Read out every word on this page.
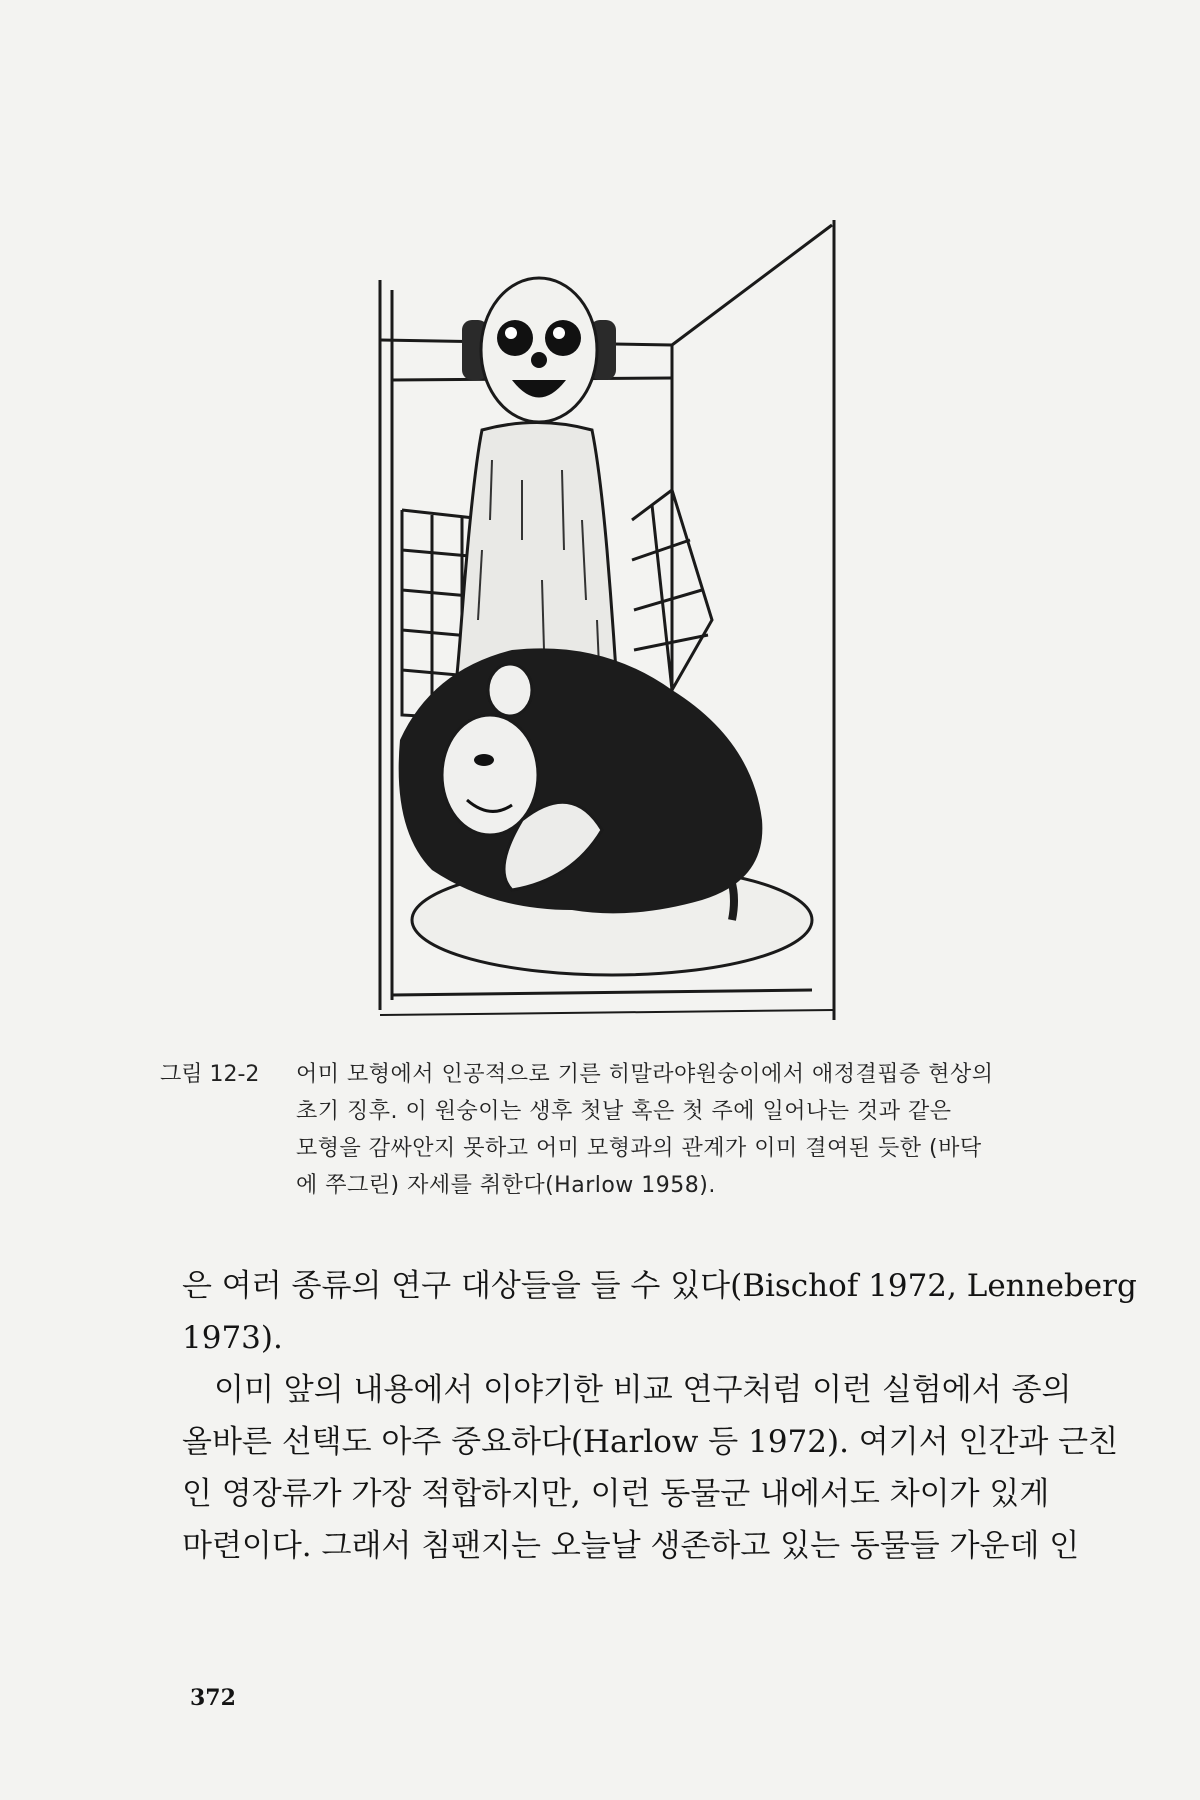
그림 12-2	어미 모형에서 인공적으로 기른 히말라야원숭이에서 애정결핍증 현상의
초기 징후. 이 원숭이는 생후 첫날 혹은 첫 주에 일어나는 것과 같은
모형을 감싸안지 못하고 어미 모형과의 관계가 이미 결여된 듯한 (바닥
에 쭈그린) 자세를 취한다(Harlow 1958).
은 여러 종류의 연구 대상들을 들 수 있다(Bischof 1972, Lenneberg
1973).
이미 앞의 내용에서 이야기한 비교 연구처럼 이런 실험에서 종의
올바른 선택도 아주 중요하다(Harlow 등 1972). 여기서 인간과 근친
인 영장류가 가장 적합하지만, 이런 동물군 내에서도 차이가 있게
마련이다. 그래서 침팬지는 오늘날 생존하고 있는 동물들 가운데 인
372
